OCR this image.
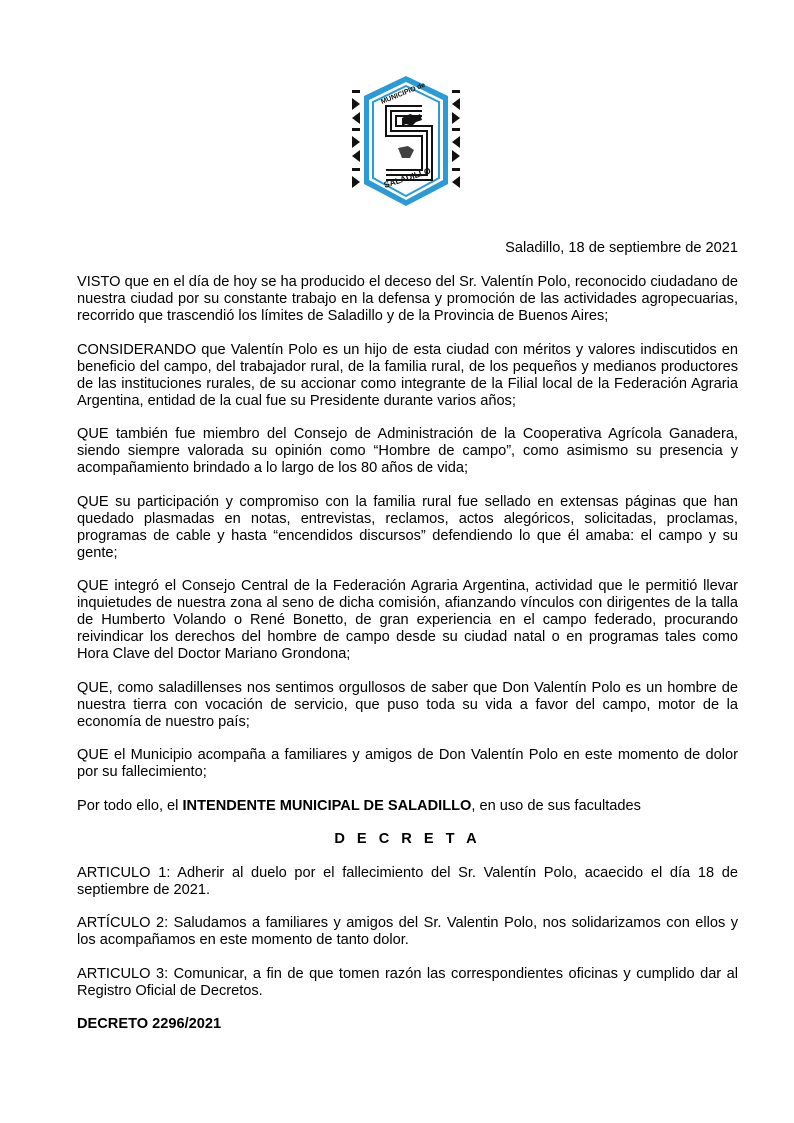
MUNICIPIO de
SALADILLO
Saladillo, 18 de septiembre de 2021

VISTO que en el día de hoy se ha producido el deceso del Sr. Valentín Polo, reconocido ciudadano de nuestra ciudad por su constante trabajo en la defensa y promoción de las actividades agropecuarias, recorrido que trascendió los límites de Saladillo y de la Provincia de Buenos Aires;

CONSIDERANDO que Valentín Polo es un hijo de esta ciudad con méritos y valores indiscutidos en beneficio del campo, del trabajador rural, de la familia rural, de los pequeños y medianos productores de las instituciones rurales, de su accionar como integrante de la Filial local de la Federación Agraria Argentina, entidad de la cual fue su Presidente durante varios años;

QUE también fue miembro del Consejo de Administración de la Cooperativa Agrícola Ganadera, siendo siempre valorada su opinión como “Hombre de campo”, como asimismo su presencia y acompañamiento brindado a lo largo de los 80 años de vida;

QUE su participación y compromiso con la familia rural fue sellado en extensas páginas que han quedado plasmadas en notas, entrevistas, reclamos, actos alegóricos, solicitadas, proclamas, programas de cable y hasta “encendidos discursos” defendiendo lo que él amaba: el campo y su gente;

QUE integró el Consejo Central de la Federación Agraria Argentina, actividad que le permitió llevar inquietudes de nuestra zona al seno de dicha comisión, afianzando vínculos con dirigentes de la talla de Humberto Volando o René Bonetto, de gran experiencia en el campo federado, procurando reivindicar los derechos del hombre de campo desde su ciudad natal o en programas tales como Hora Clave del Doctor Mariano Grondona;

QUE, como saladillenses nos sentimos orgullosos de saber que Don Valentín Polo es un hombre de nuestra tierra con vocación de servicio, que puso toda su vida a favor del campo, motor de la economía de nuestro país;

QUE el Municipio acompaña a familiares y amigos de Don Valentín Polo en este momento de dolor por su fallecimiento;

Por todo ello, el INTENDENTE MUNICIPAL DE SALADILLO, en uso de sus facultades

D E C R E T A

ARTICULO 1: Adherir al duelo por el fallecimiento del Sr. Valentín Polo, acaecido el día 18 de septiembre de 2021.

ARTÍCULO 2: Saludamos a familiares y amigos del Sr. Valentin Polo, nos solidarizamos con ellos y los acompañamos en este momento de tanto dolor.

ARTICULO 3: Comunicar, a fin de que tomen razón las correspondientes oficinas y cumplido dar al Registro Oficial de Decretos.

DECRETO 2296/2021
